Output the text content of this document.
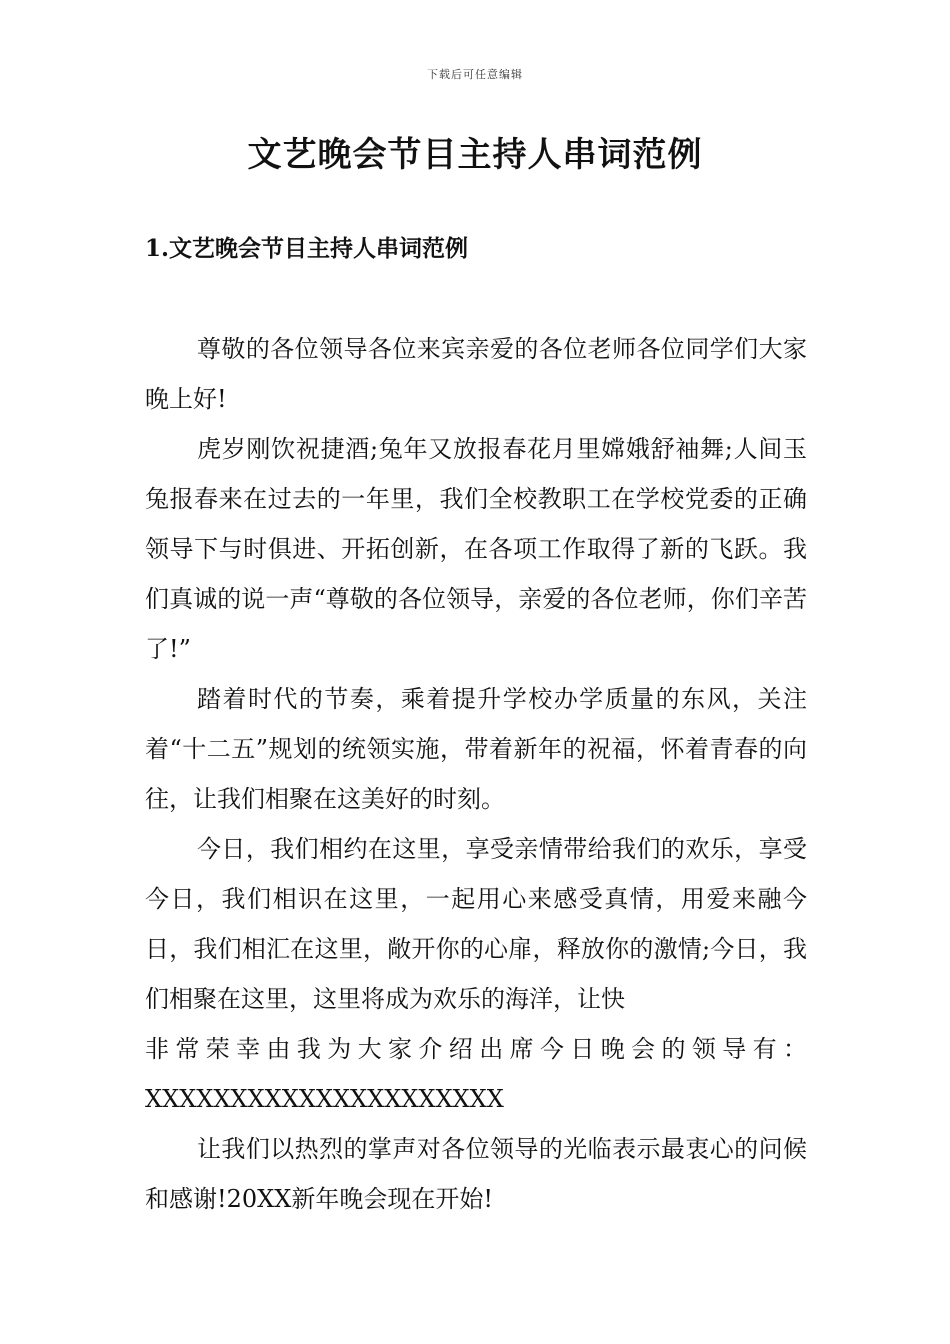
下载后可任意编辑
文艺晚会节目主持人串词范例
1.文艺晚会节目主持人串词范例

尊敬的各位领导各位来宾亲爱的各位老师各位同学们大家晚上好!

虎岁刚饮祝捷酒;兔年又放报春花月里嫦娥舒袖舞;人间玉兔报春来在过去的一年里，我们全校教职工在学校党委的正确领导下与时俱进、开拓创新，在各项工作取得了新的飞跃。我们真诚的说一声“尊敬的各位领导，亲爱的各位老师，你们辛苦了!”

踏着时代的节奏，乘着提升学校办学质量的东风，关注着“十二五”规划的统领实施，带着新年的祝福，怀着青春的向往，让我们相聚在这美好的时刻。

今日，我们相约在这里，享受亲情带给我们的欢乐，享受今日，我们相识在这里，一起用心来感受真情，用爱来融今日，我们相汇在这里，敞开你的心扉，释放你的激情;今日，我们相聚在这里，这里将成为欢乐的海洋，让快

非常荣幸由我为大家介绍出席今日晚会的领导有：

XXXXXXXXXXXXXXXXXXXXX

让我们以热烈的掌声对各位领导的光临表示最衷心的问候和感谢!20XX新年晚会现在开始!
